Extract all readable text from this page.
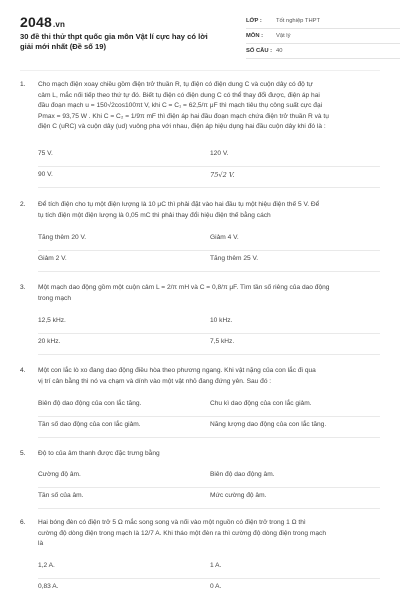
2048.vn
30 đề thi thử thpt quốc gia môn Vật lí cực hay có lời giải mới nhất (Đề số 19)
LỚP :	Tốt nghiệp THPT
MÔN :	Vật lý
SỐ CÂU : 40
1. Cho mạch điện xoay chiều gồm điện trở thuần R, tụ điện có điện dung C và cuộn dây có độ tự
cảm L, mắc nối tiếp theo thứ tự đó. Biết tụ điện có điện dung C có thể thay đổi được, điện áp hai
đầu đoạn mạch u = 150√2cos100πt V, khi C = C₁ = 62,5/π μF thì mạch tiêu thụ công suất cực đại
Pmax = 93,75 W . Khi C = C₂ = 1/9π mF thì điện áp hai đầu đoạn mạch chứa điện trở thuần R và tụ
điện C (uRC) và cuộn dây (ud) vuông pha với nhau, điện áp hiệu dụng hai đầu cuộn dây khi đó là :
75 V.	120 V.
90 V.	75√2 V.
2. Để tích điện cho tụ một điện lượng là 10 μC thì phải đặt vào hai đầu tụ một hiệu điện thế 5 V. Để
tụ tích điện một điện lượng là 0,05 mC thì phải thay đổi hiệu điện thế bằng cách
Tăng thêm 20 V.	Giảm 4 V.
Giảm 2 V.	Tăng thêm 25 V.
3. Một mạch dao động gồm một cuộn cảm L = 2/π mH và C = 0,8/π μF. Tìm tần số riêng của dao động
trong mạch
12,5 kHz.	10 kHz.
20 kHz.	7,5 kHz.
4. Một con lắc lò xo đang dao động điều hòa theo phương ngang. Khi vật nặng của con lắc đi qua
vị trí cân bằng thì nó va chạm và dính vào một vật nhỏ đang đứng yên. Sau đó :
Biên độ dao động của con lắc tăng.	Chu kì dao động của con lắc giảm.
Tần số dao động của con lắc giảm.	Năng lượng dao động của con lắc tăng.
5. Độ to của âm thanh được đặc trưng bằng
Cường độ âm.	Biên độ dao động âm.
Tần số của âm.	Mức cường độ âm.
6. Hai bóng đèn có điện trở 5 Ω mắc song song và nối vào một nguồn có điện trở trong 1 Ω thì
cường độ dòng điện trong mạch là 12/7 A. Khi tháo một đèn ra thì cường độ dòng điện trong mạch
là
1,2 A.	1 A.
0,83 A.	0 A.
